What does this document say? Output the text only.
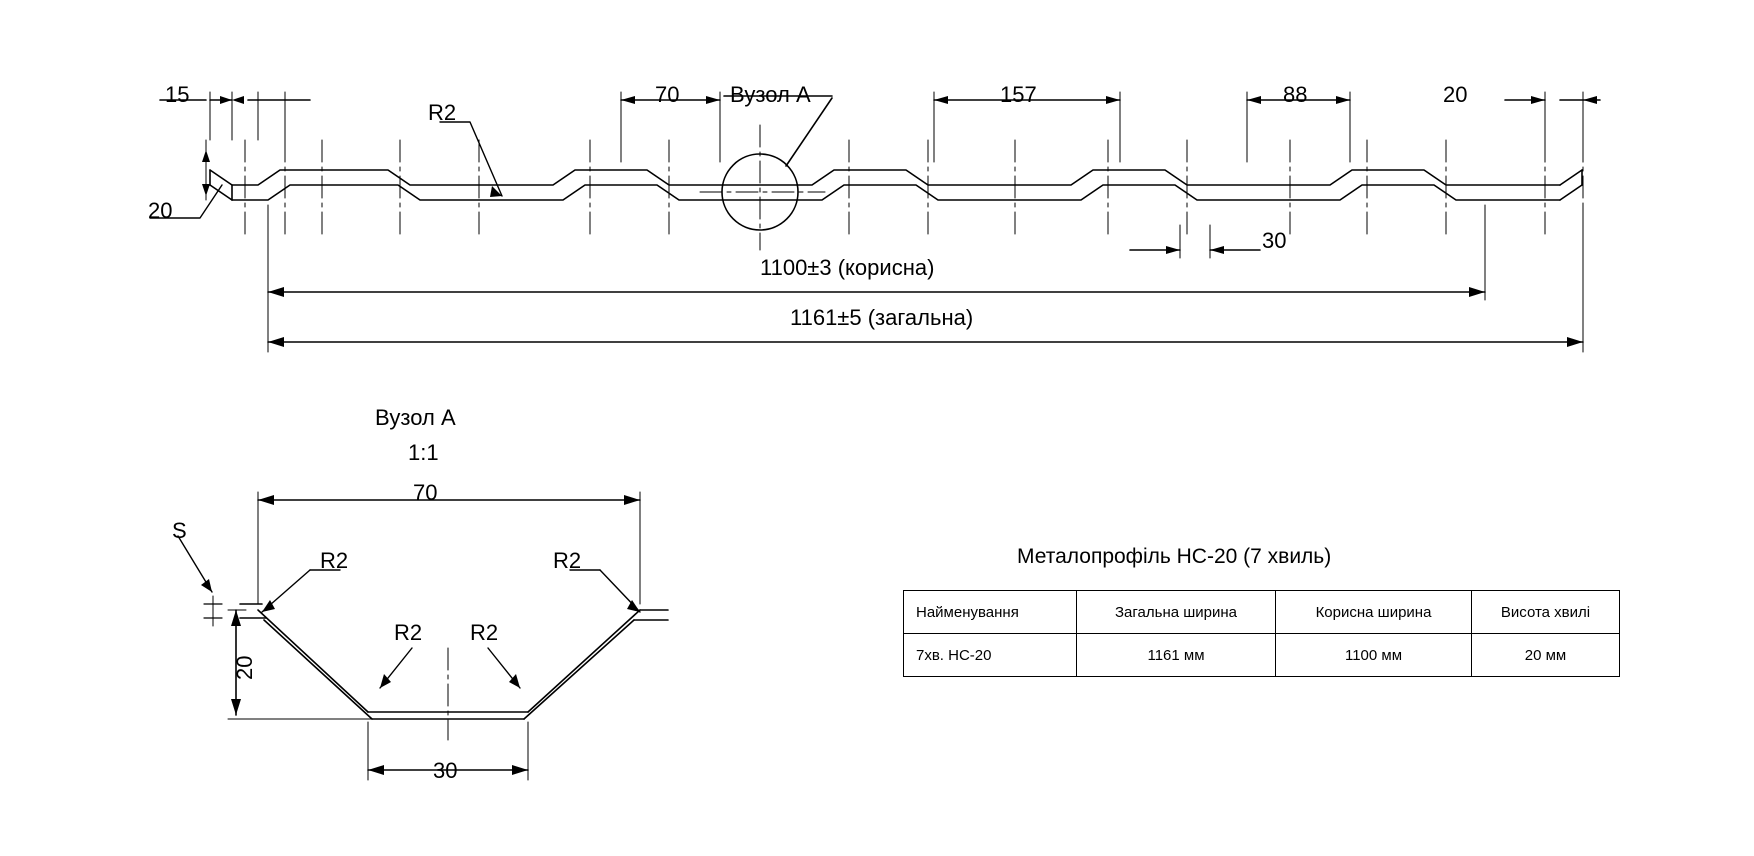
15
20
70	157	88	20
30
R2
Вузол А
1100±3 (корисна)
1161±5 (загальна)
Вузол А
1:1
70
30
20
S
R2	R2
R2 R2
Металопрофіль НС-20 (7 хвиль)
Найменування	Загальна ширина	Корисна ширина	Висота хвилі
7хв. НС-20	1161 мм	1100 мм	20 мм
